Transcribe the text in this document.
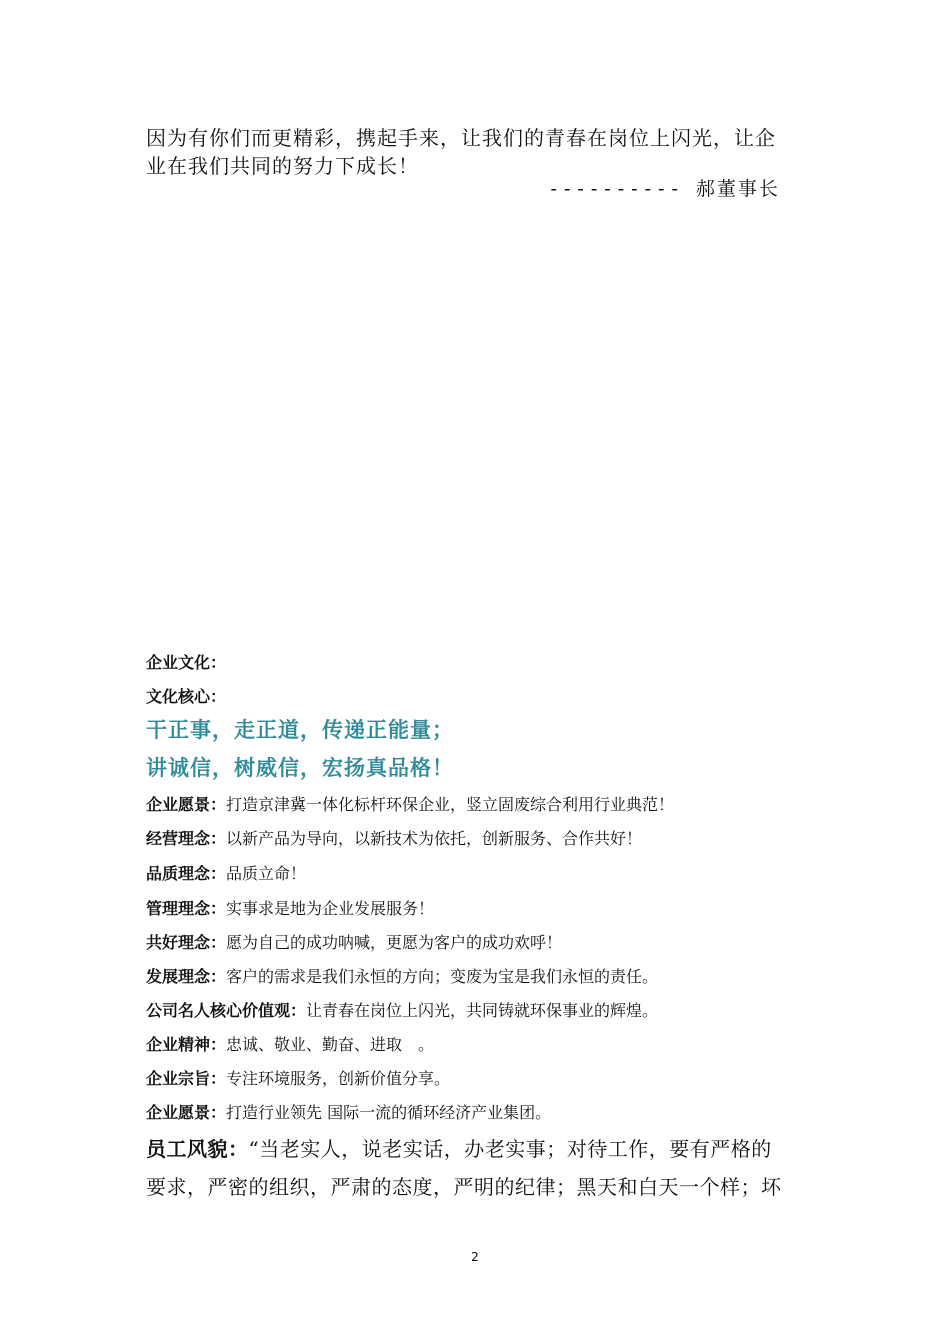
因为有你们而更精彩，携起手来，让我们的青春在岗位上闪光，让企

业在我们共同的努力下成长！

---------- 郝董事长
企业文化：
文化核心：
干正事，走正道，传递正能量；
讲诚信，树威信，宏扬真品格！
企业愿景：打造京津冀一体化标杆环保企业，竖立固废综合利用行业典范！
经营理念：以新产品为导向，以新技术为依托，创新服务、合作共好！
品质理念：品质立命！
管理理念：实事求是地为企业发展服务！
共好理念：愿为自己的成功呐喊，更愿为客户的成功欢呼！
发展理念：客户的需求是我们永恒的方向；变废为宝是我们永恒的责任。
公司名人核心价值观：让青春在岗位上闪光，共同铸就环保事业的辉煌。
企业精神：忠诚、敬业、勤奋、进取　。
企业宗旨：专注环境服务，创新价值分享。
企业愿景：打造行业领先 国际一流的循环经济产业集团。
员工风貌：“当老实人，说老实话，办老实事；对待工作，要有严格的
要求，严密的组织，严肃的态度，严明的纪律；黑天和白天一个样；坏
2
